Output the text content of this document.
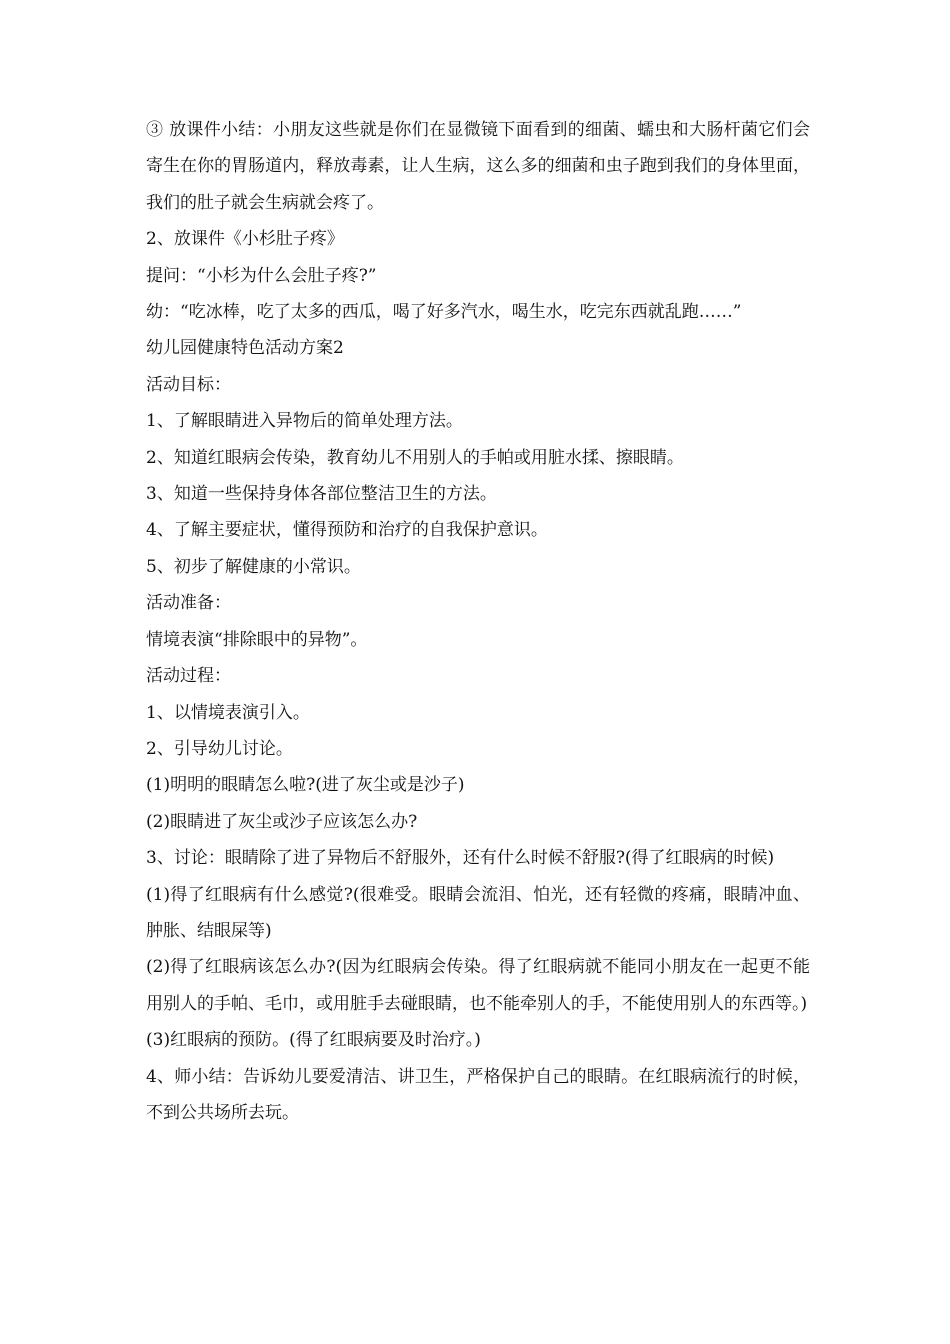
③ 放课件小结：小朋友这些就是你们在显微镜下面看到的细菌、蠕虫和大肠杆菌它们会寄生在你的胃肠道内，释放毒素，让人生病，这么多的细菌和虫子跑到我们的身体里面，我们的肚子就会生病就会疼了。

2、放课件《小杉肚子疼》

提问：“小杉为什么会肚子疼?”

幼：“吃冰棒，吃了太多的西瓜，喝了好多汽水，喝生水，吃完东西就乱跑……”

幼儿园健康特色活动方案2

活动目标：

1、了解眼睛进入异物后的简单处理方法。

2、知道红眼病会传染，教育幼儿不用别人的手帕或用脏水揉、擦眼睛。

3、知道一些保持身体各部位整洁卫生的方法。

4、了解主要症状，懂得预防和治疗的自我保护意识。

5、初步了解健康的小常识。

活动准备：

情境表演“排除眼中的异物”。

活动过程：

1、以情境表演引入。

2、引导幼儿讨论。

(1)明明的眼睛怎么啦?(进了灰尘或是沙子)

(2)眼睛进了灰尘或沙子应该怎么办?

3、讨论：眼睛除了进了异物后不舒服外，还有什么时候不舒服?(得了红眼病的时候)

(1)得了红眼病有什么感觉?(很难受。眼睛会流泪、怕光，还有轻微的疼痛，眼睛冲血、肿胀、结眼屎等)

(2)得了红眼病该怎么办?(因为红眼病会传染。得了红眼病就不能同小朋友在一起更不能用别人的手帕、毛巾，或用脏手去碰眼睛，也不能牵别人的手，不能使用别人的东西等。)

(3)红眼病的预防。(得了红眼病要及时治疗。)

4、师小结：告诉幼儿要爱清洁、讲卫生，严格保护自己的眼睛。在红眼病流行的时候，不到公共场所去玩。
